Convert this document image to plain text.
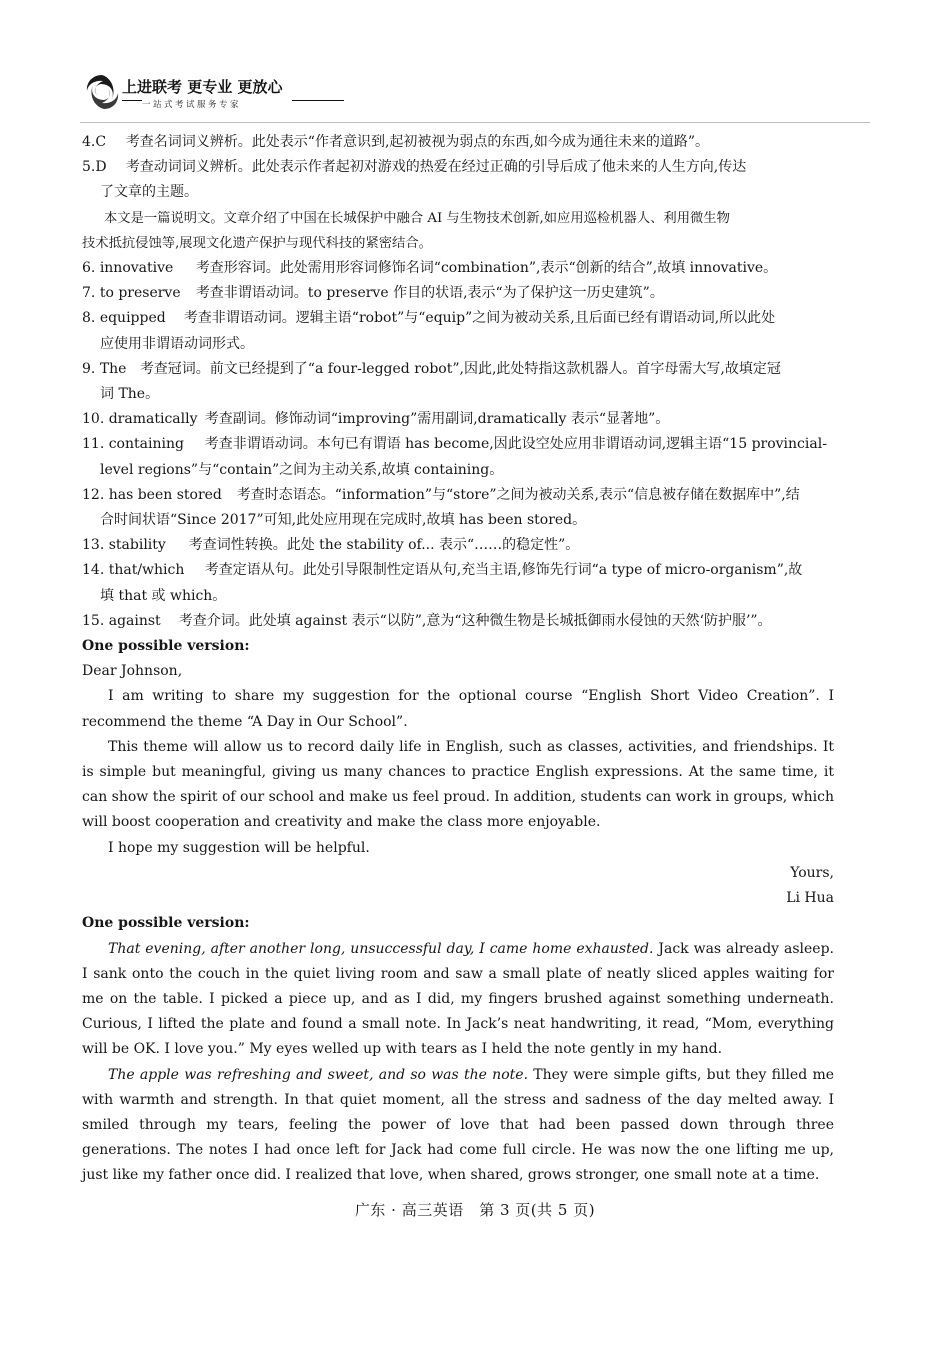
上进联考 更专业 更放心
一站式考试服务专家
4.C 考查名词词义辨析。此处表示“作者意识到,起初被视为弱点的东西,如今成为通往未来的道路”。
5.D 考查动词词义辨析。此处表示作者起初对游戏的热爱在经过正确的引导后成了他未来的人生方向,传达
了文章的主题。
本文是一篇说明文。文章介绍了中国在长城保护中融合 AI 与生物技术创新,如应用巡检机器人、利用微生物
技术抵抗侵蚀等,展现文化遗产保护与现代科技的紧密结合。
6. innovative 考查形容词。此处需用形容词修饰名词“combination”,表示“创新的结合”,故填 innovative。
7. to preserve 考查非谓语动词。to preserve 作目的状语,表示“为了保护这一历史建筑”。
8. equipped 考查非谓语动词。逻辑主语“robot”与“equip”之间为被动关系,且后面已经有谓语动词,所以此处
应使用非谓语动词形式。
9. The 考查冠词。前文已经提到了“a four-legged robot”,因此,此处特指这款机器人。首字母需大写,故填定冠
词 The。
10. dramatically 考查副词。修饰动词“improving”需用副词,dramatically 表示“显著地”。
11. containing 考查非谓语动词。本句已有谓语 has become,因此设空处应用非谓语动词,逻辑主语“15 provincial-
level regions”与“contain”之间为主动关系,故填 containing。
12. has been stored 考查时态语态。“information”与“store”之间为被动关系,表示“信息被存储在数据库中”,结
合时间状语“Since 2017”可知,此处应用现在完成时,故填 has been stored。
13. stability 考查词性转换。此处 the stability of... 表示“……的稳定性”。
14. that/which 考查定语从句。此处引导限制性定语从句,充当主语,修饰先行词“a type of micro-organism”,故
填 that 或 which。
15. against 考查介词。此处填 against 表示“以防”,意为“这种微生物是长城抵御雨水侵蚀的天然‘防护服’”。
One possible version:
Dear Johnson,
I am writing to share my suggestion for the optional course “English Short Video Creation”. I recommend the theme “A Day in Our School”.
This theme will allow us to record daily life in English, such as classes, activities, and friendships. It is simple but meaningful, giving us many chances to practice English expressions. At the same time, it can show the spirit of our school and make us feel proud. In addition, students can work in groups, which will boost cooperation and creativity and make the class more enjoyable.
I hope my suggestion will be helpful.
Yours,
Li Hua
One possible version:
That evening, after another long, unsuccessful day, I came home exhausted. Jack was already asleep. I sank onto the couch in the quiet living room and saw a small plate of neatly sliced apples waiting for me on the table. I picked a piece up, and as I did, my fingers brushed against something underneath. Curious, I lifted the plate and found a small note. In Jack’s neat handwriting, it read, “Mom, everything will be OK. I love you.” My eyes welled up with tears as I held the note gently in my hand.
The apple was refreshing and sweet, and so was the note. They were simple gifts, but they filled me with warmth and strength. In that quiet moment, all the stress and sadness of the day melted away. I smiled through my tears, feeling the power of love that had been passed down through three generations. The notes I had once left for Jack had come full circle. He was now the one lifting me up, just like my father once did. I realized that love, when shared, grows stronger, one small note at a time.
广东 · 高三英语　第 3 页(共 5 页)
